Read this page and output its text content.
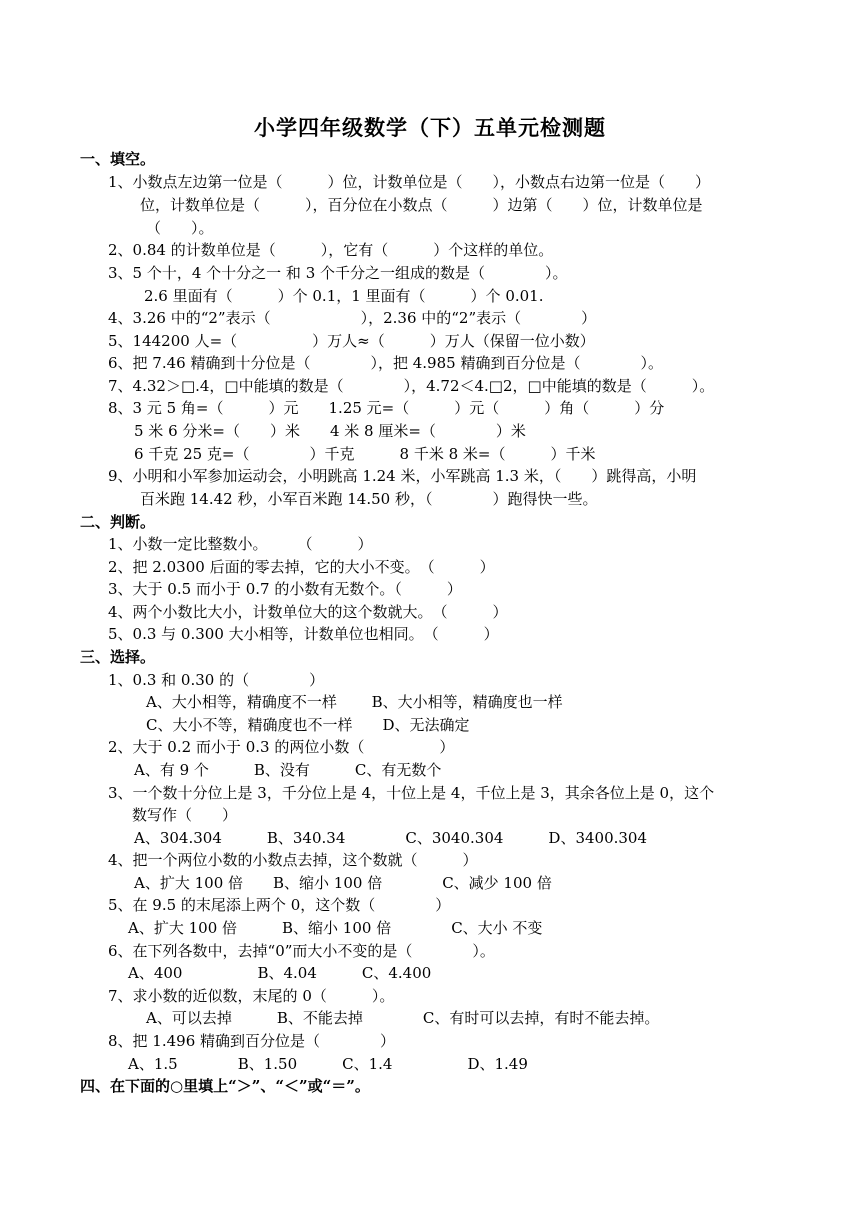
小学四年级数学（下）五单元检测题
一、填空。
1、小数点左边第一位是（　　　）位，计数单位是（　　），小数点右边第一位是（　　）
位，计数单位是（　　　），百分位在小数点（　　　）边第（　　）位，计数单位是
（　　）。
2、0.84 的计数单位是（　　　），它有（　　　）个这样的单位。
3、5 个十，4 个十分之一 和 3 个千分之一组成的数是（　　　　）。
2.6 里面有（　　　）个 0.1，1 里面有（　　　）个 0.01.
4、3.26 中的“2”表示（　　　　　　），2.36 中的“2”表示（　　　　）
5、144200 人=（　　　　　）万人≈（　　　）万人（保留一位小数）
6、把 7.46 精确到十分位是（　　　　），把 4.985 精确到百分位是（　　　　）。
7、4.32＞□.4，□中能填的数是（　　　　），4.72＜4.□2，□中能填的数是（　　　）。
8、3 元 5 角=（　　　）元　　1.25 元=（　　　）元（　　　）角（　　　）分
5 米 6 分米=（　　）米　　4 米 8 厘米=（　　　　）米
6 千克 25 克=（　　　　）千克　　　8 千米 8 米=（　　　）千米
9、小明和小军参加运动会，小明跳高 1.24 米，小军跳高 1.3 米，（　　）跳得高，小明
百米跑 14.42 秒，小军百米跑 14.50 秒，（　　　　）跑得快一些。
二、判断。
1、小数一定比整数小。　　　（　　　）
2、把 2.0300 后面的零去掉，它的大小不变。　（　　　）
3、大于 0.5 而小于 0.7 的小数有无数个。（　　　）
4、两个小数比大小，计数单位大的这个数就大。　（　　　）
5、0.3 与 0.300 大小相等，计数单位也相同。　（　　　）
三、选择。
1、0.3 和 0.30 的（　　　　）
A、大小相等，精确度不一样　　 B、大小相等，精确度也一样
C、大小不等，精确度也不一样　　D、无法确定
2、大于 0.2 而小于 0.3 的两位小数（　　　　　）
A、有 9 个　　　B、没有　　　C、有无数个
3、一个数十分位上是 3，千分位上是 4，十位上是 4，千位上是 3，其余各位上是 0，这个
数写作（　　）
A、304.304　　　B、340.34　　　　C、3040.304　　　D、3400.304
4、把一个两位小数的小数点去掉，这个数就（　　　）
A、扩大 100 倍　　B、缩小 100 倍　　　　C、减少 100 倍
5、在 9.5 的末尾添上两个 0，这个数（　　　　）
A、扩大 100 倍　　　B、缩小 100 倍　　　　C、大小 不变
6、在下列各数中，去掉“0”而大小不变的是（　　　　）。
A、400　　　　　B、4.04　　　C、4.400
7、求小数的近似数，末尾的 0（　　　）。
A、可以去掉　　　B、不能去掉　　　　C、有时可以去掉，有时不能去掉。
8、把 1.496 精确到百分位是（　　　　）
A、1.5　　　　B、1.50　　　C、1.4　　　　　D、1.49
四、在下面的○里填上“＞”、“＜”或“＝”。
